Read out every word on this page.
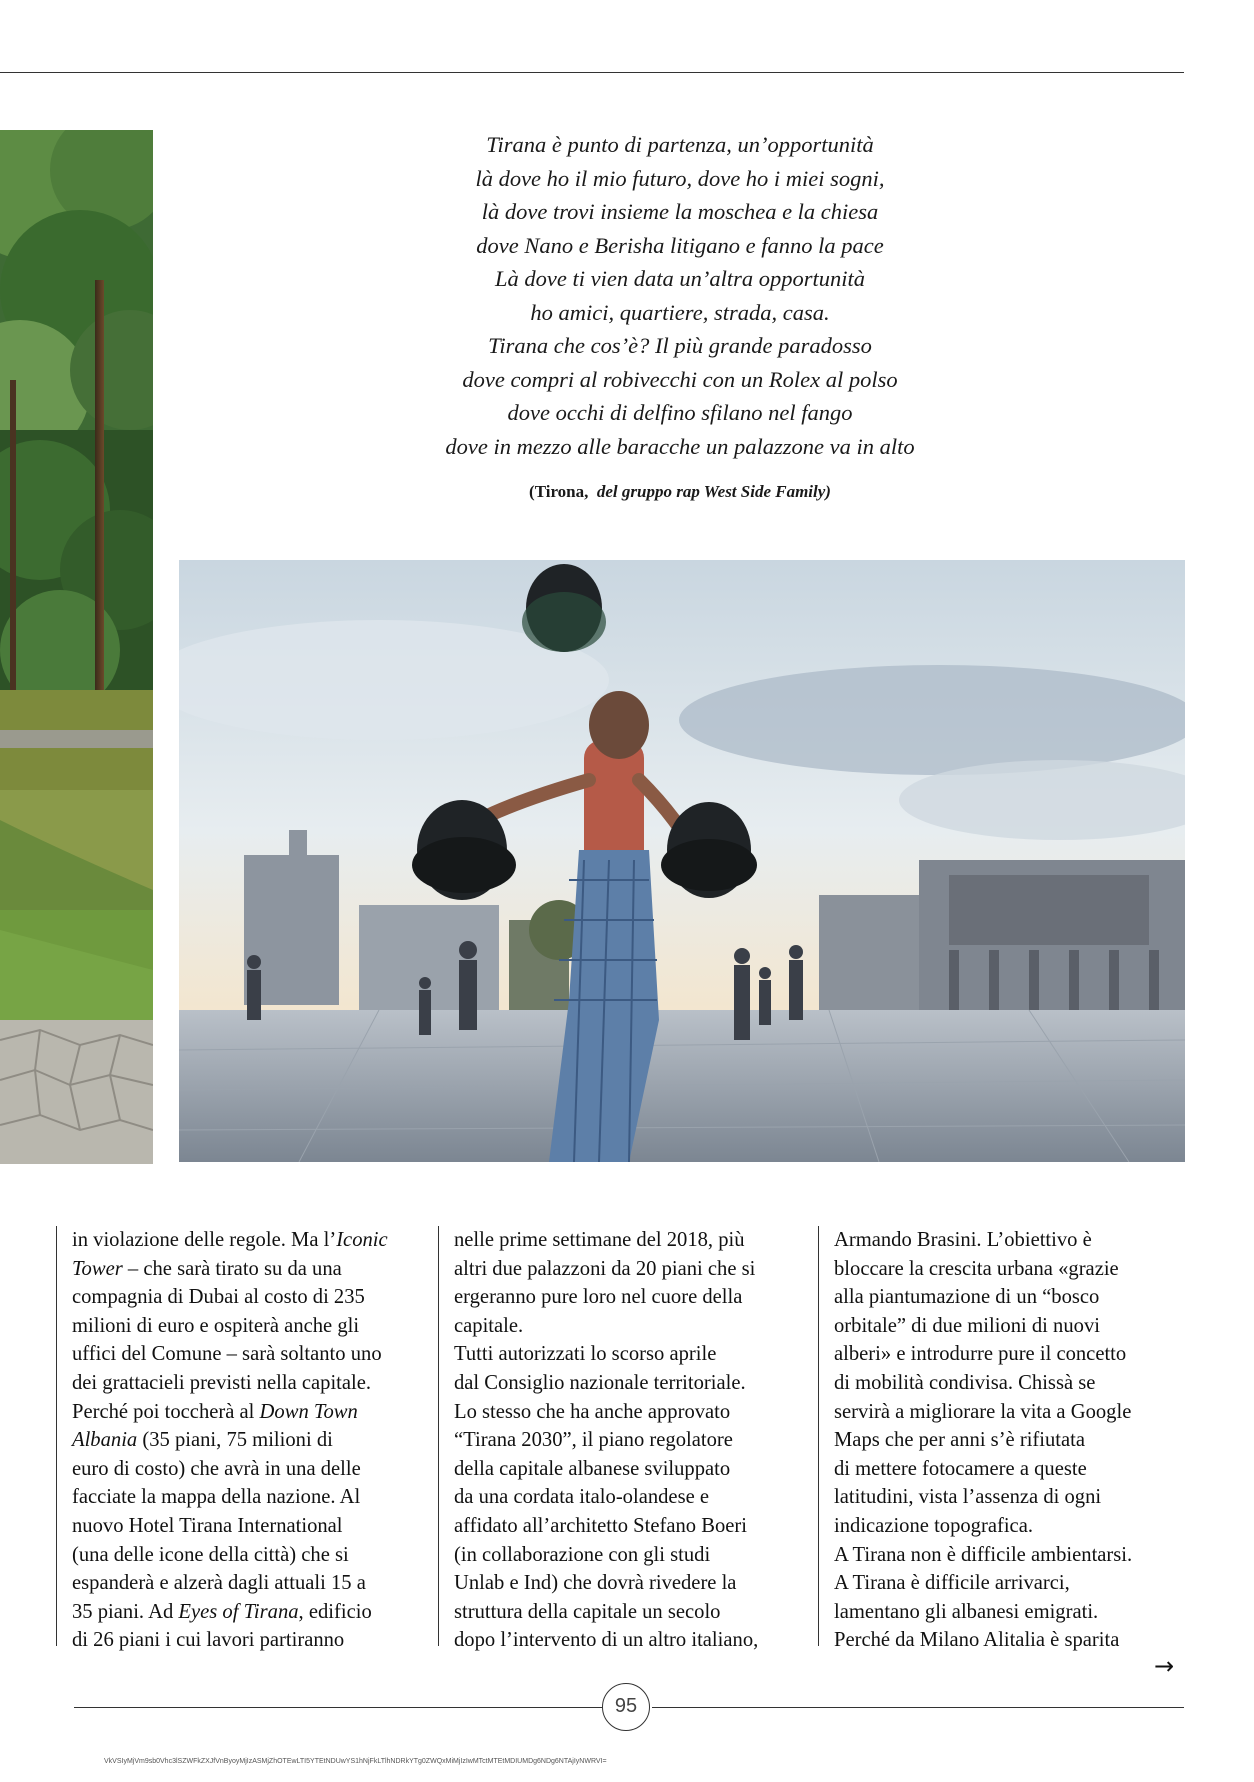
Tirana è punto di partenza, un’opportunità
là dove ho il mio futuro, dove ho i miei sogni,
là dove trovi insieme la moschea e la chiesa
dove Nano e Berisha litigano e fanno la pace
Là dove ti vien data un’altra opportunità
ho amici, quartiere, strada, casa.
Tirana che cos’è? Il più grande paradosso
dove compri al robivecchi con un Rolex al polso
dove occhi di delfino sfilano nel fango
dove in mezzo alle baracche un palazzone va in alto
(Tirona, del gruppo rap West Side Family)
in violazione delle regole. Ma l’Iconic
Tower – che sarà tirato su da una
compagnia di Dubai al costo di 235
milioni di euro e ospiterà anche gli
uffici del Comune – sarà soltanto uno
dei grattacieli previsti nella capitale.
Perché poi toccherà al Down Town
Albania (35 piani, 75 milioni di
euro di costo) che avrà in una delle
facciate la mappa della nazione. Al
nuovo Hotel Tirana International
(una delle icone della città) che si
espanderà e alzerà dagli attuali 15 a
35 piani. Ad Eyes of Tirana, edificio
di 26 piani i cui lavori partiranno
nelle prime settimane del 2018, più
altri due palazzoni da 20 piani che si
ergeranno pure loro nel cuore della
capitale.
Tutti autorizzati lo scorso aprile
dal Consiglio nazionale territoriale.
Lo stesso che ha anche approvato
“Tirana 2030”, il piano regolatore
della capitale albanese sviluppato
da una cordata italo-olandese e
affidato all’architetto Stefano Boeri
(in collaborazione con gli studi
Unlab e Ind) che dovrà rivedere la
struttura della capitale un secolo
dopo l’intervento di un altro italiano,
Armando Brasini. L’obiettivo è
bloccare la crescita urbana «grazie
alla piantumazione di un “bosco
orbitale” di due milioni di nuovi
alberi» e introdurre pure il concetto
di mobilità condivisa. Chissà se
servirà a migliorare la vita a Google
Maps che per anni s’è rifiutata
di mettere fotocamere a queste
latitudini, vista l’assenza di ogni
indicazione topografica.
A Tirana non è difficile ambientarsi.
A Tirana è difficile arrivarci,
lamentano gli albanesi emigrati.
Perché da Milano Alitalia è sparita
→
95
VkVSIyMjVm9sb0Vhc3lSZWFkZXJfVnByoyMjIzASMjZhOTEwLTI5YTEtNDUwYS1hNjFkLTlhNDRkYTg0ZWQxMiMjIzIwMTctMTEtMDIUMDg6NDg6NTAjIyNWRVI=
